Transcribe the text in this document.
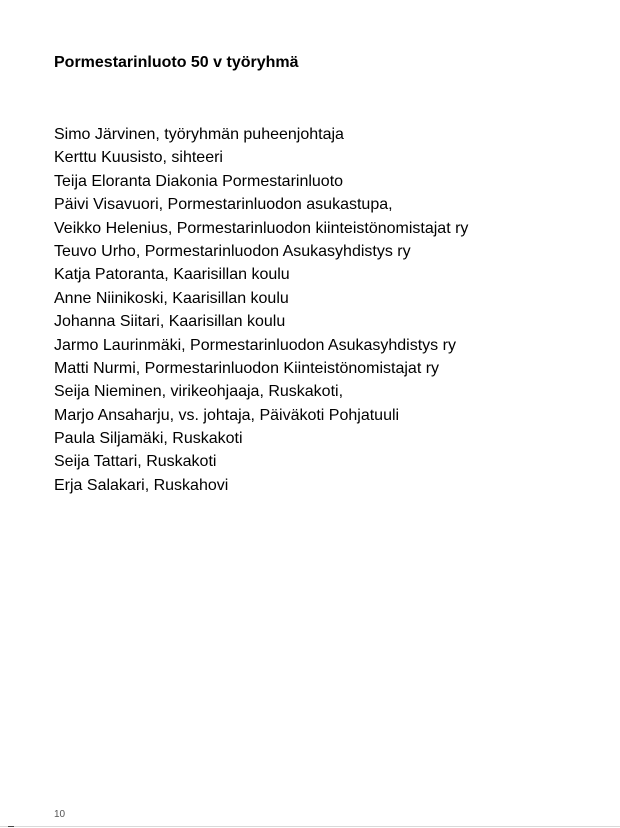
Pormestarinluoto 50 v työryhmä
Simo Järvinen, työryhmän puheenjohtaja
Kerttu Kuusisto, sihteeri
Teija Eloranta Diakonia Pormestarinluoto
Päivi Visavuori, Pormestarinluodon asukastupa,
Veikko Helenius, Pormestarinluodon kiinteistönomistajat ry
Teuvo Urho, Pormestarinluodon Asukasyhdistys ry
Katja Patoranta, Kaarisillan koulu
Anne Niinikoski, Kaarisillan koulu
Johanna Siitari, Kaarisillan koulu
Jarmo Laurinmäki, Pormestarinluodon Asukasyhdistys ry
Matti Nurmi, Pormestarinluodon Kiinteistönomistajat ry
Seija Nieminen, virikeohjaaja, Ruskakoti,
Marjo Ansaharju, vs. johtaja, Päiväkoti Pohjatuuli
Paula Siljamäki, Ruskakoti
Seija Tattari, Ruskakoti
Erja Salakari, Ruskahovi
10
